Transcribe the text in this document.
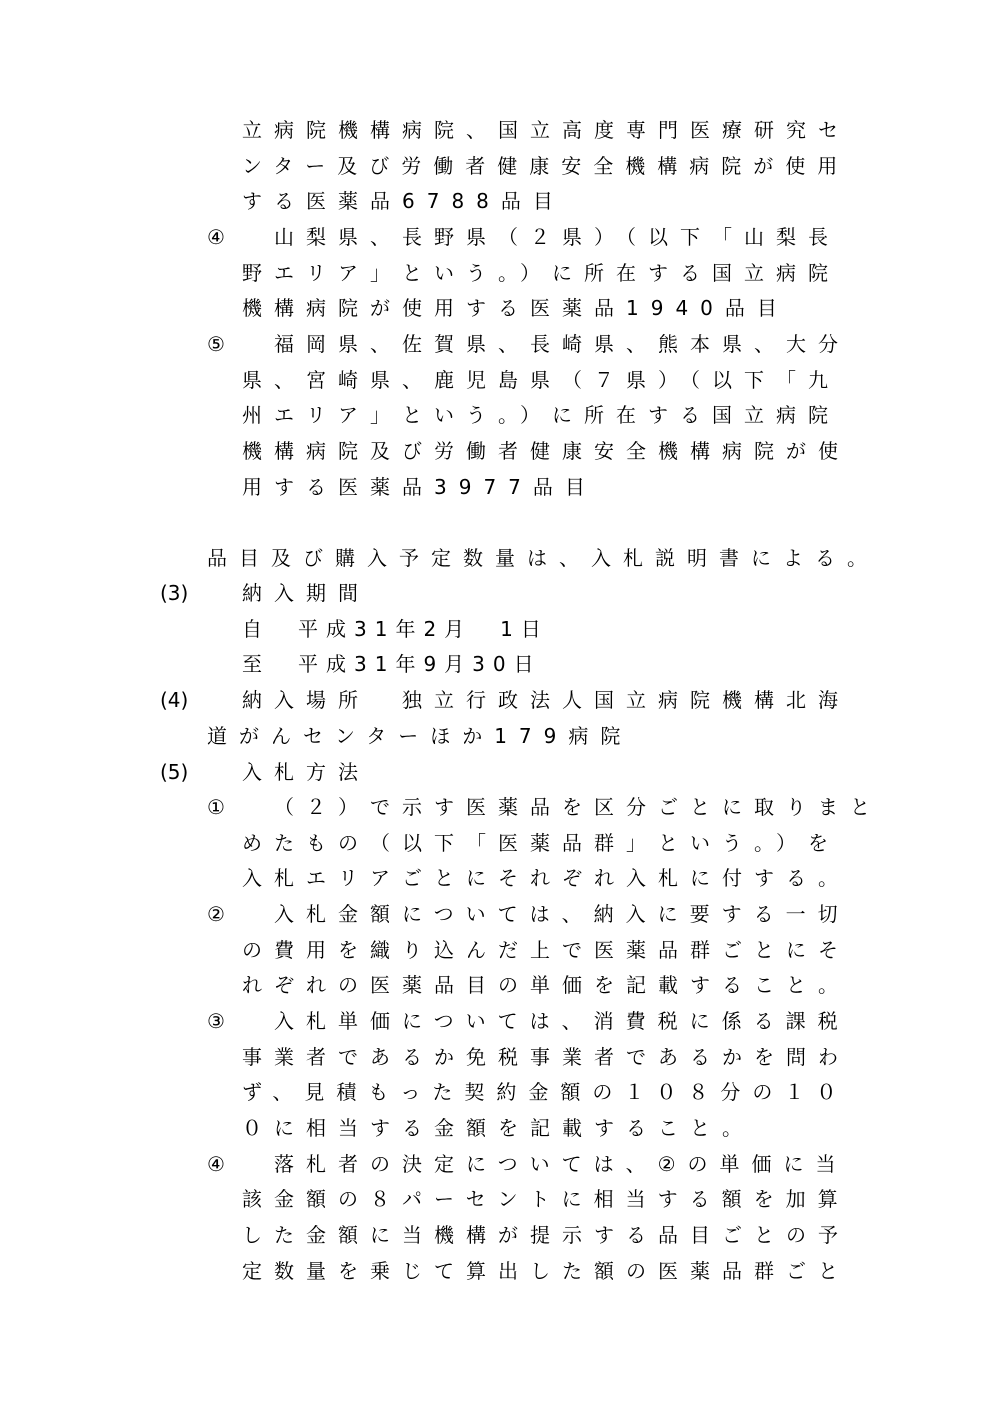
立病院機構病院、国立高度専門医療研究セ
ンター及び労働者健康安全機構病院が使用
する医薬品6788品目
④ 山梨県、長野県（２県）（以下「山梨長
野エリア」という。）に所在する国立病院
機構病院が使用する医薬品1940品目
⑤ 福岡県、佐賀県、長崎県、熊本県、大分
県、宮崎県、鹿児島県（７県）（以下「九
州エリア」という。）に所在する国立病院
機構病院及び労働者健康安全機構病院が使
用する医薬品3977品目
品目及び購入予定数量は、入札説明書による。
(3)	納入期間
自　平成31年2月　1日
至　平成31年9月30日
(4)	納入場所　独立行政法人国立病院機構北海
道がんセンターほか179病院
(5)	入札方法
① （２）で示す医薬品を区分ごとに取りまと
めたもの（以下「医薬品群」という。）を
入札エリアごとにそれぞれ入札に付する。
② 入札金額については、納入に要する一切
の費用を織り込んだ上で医薬品群ごとにそ
れぞれの医薬品目の単価を記載すること。
③ 入札単価については、消費税に係る課税
事業者であるか免税事業者であるかを問わ
ず、見積もった契約金額の１０８分の１０
０に相当する金額を記載すること。
④ 落札者の決定については、②の単価に当
該金額の８パーセントに相当する額を加算
した金額に当機構が提示する品目ごとの予
定数量を乗じて算出した額の医薬品群ごと
